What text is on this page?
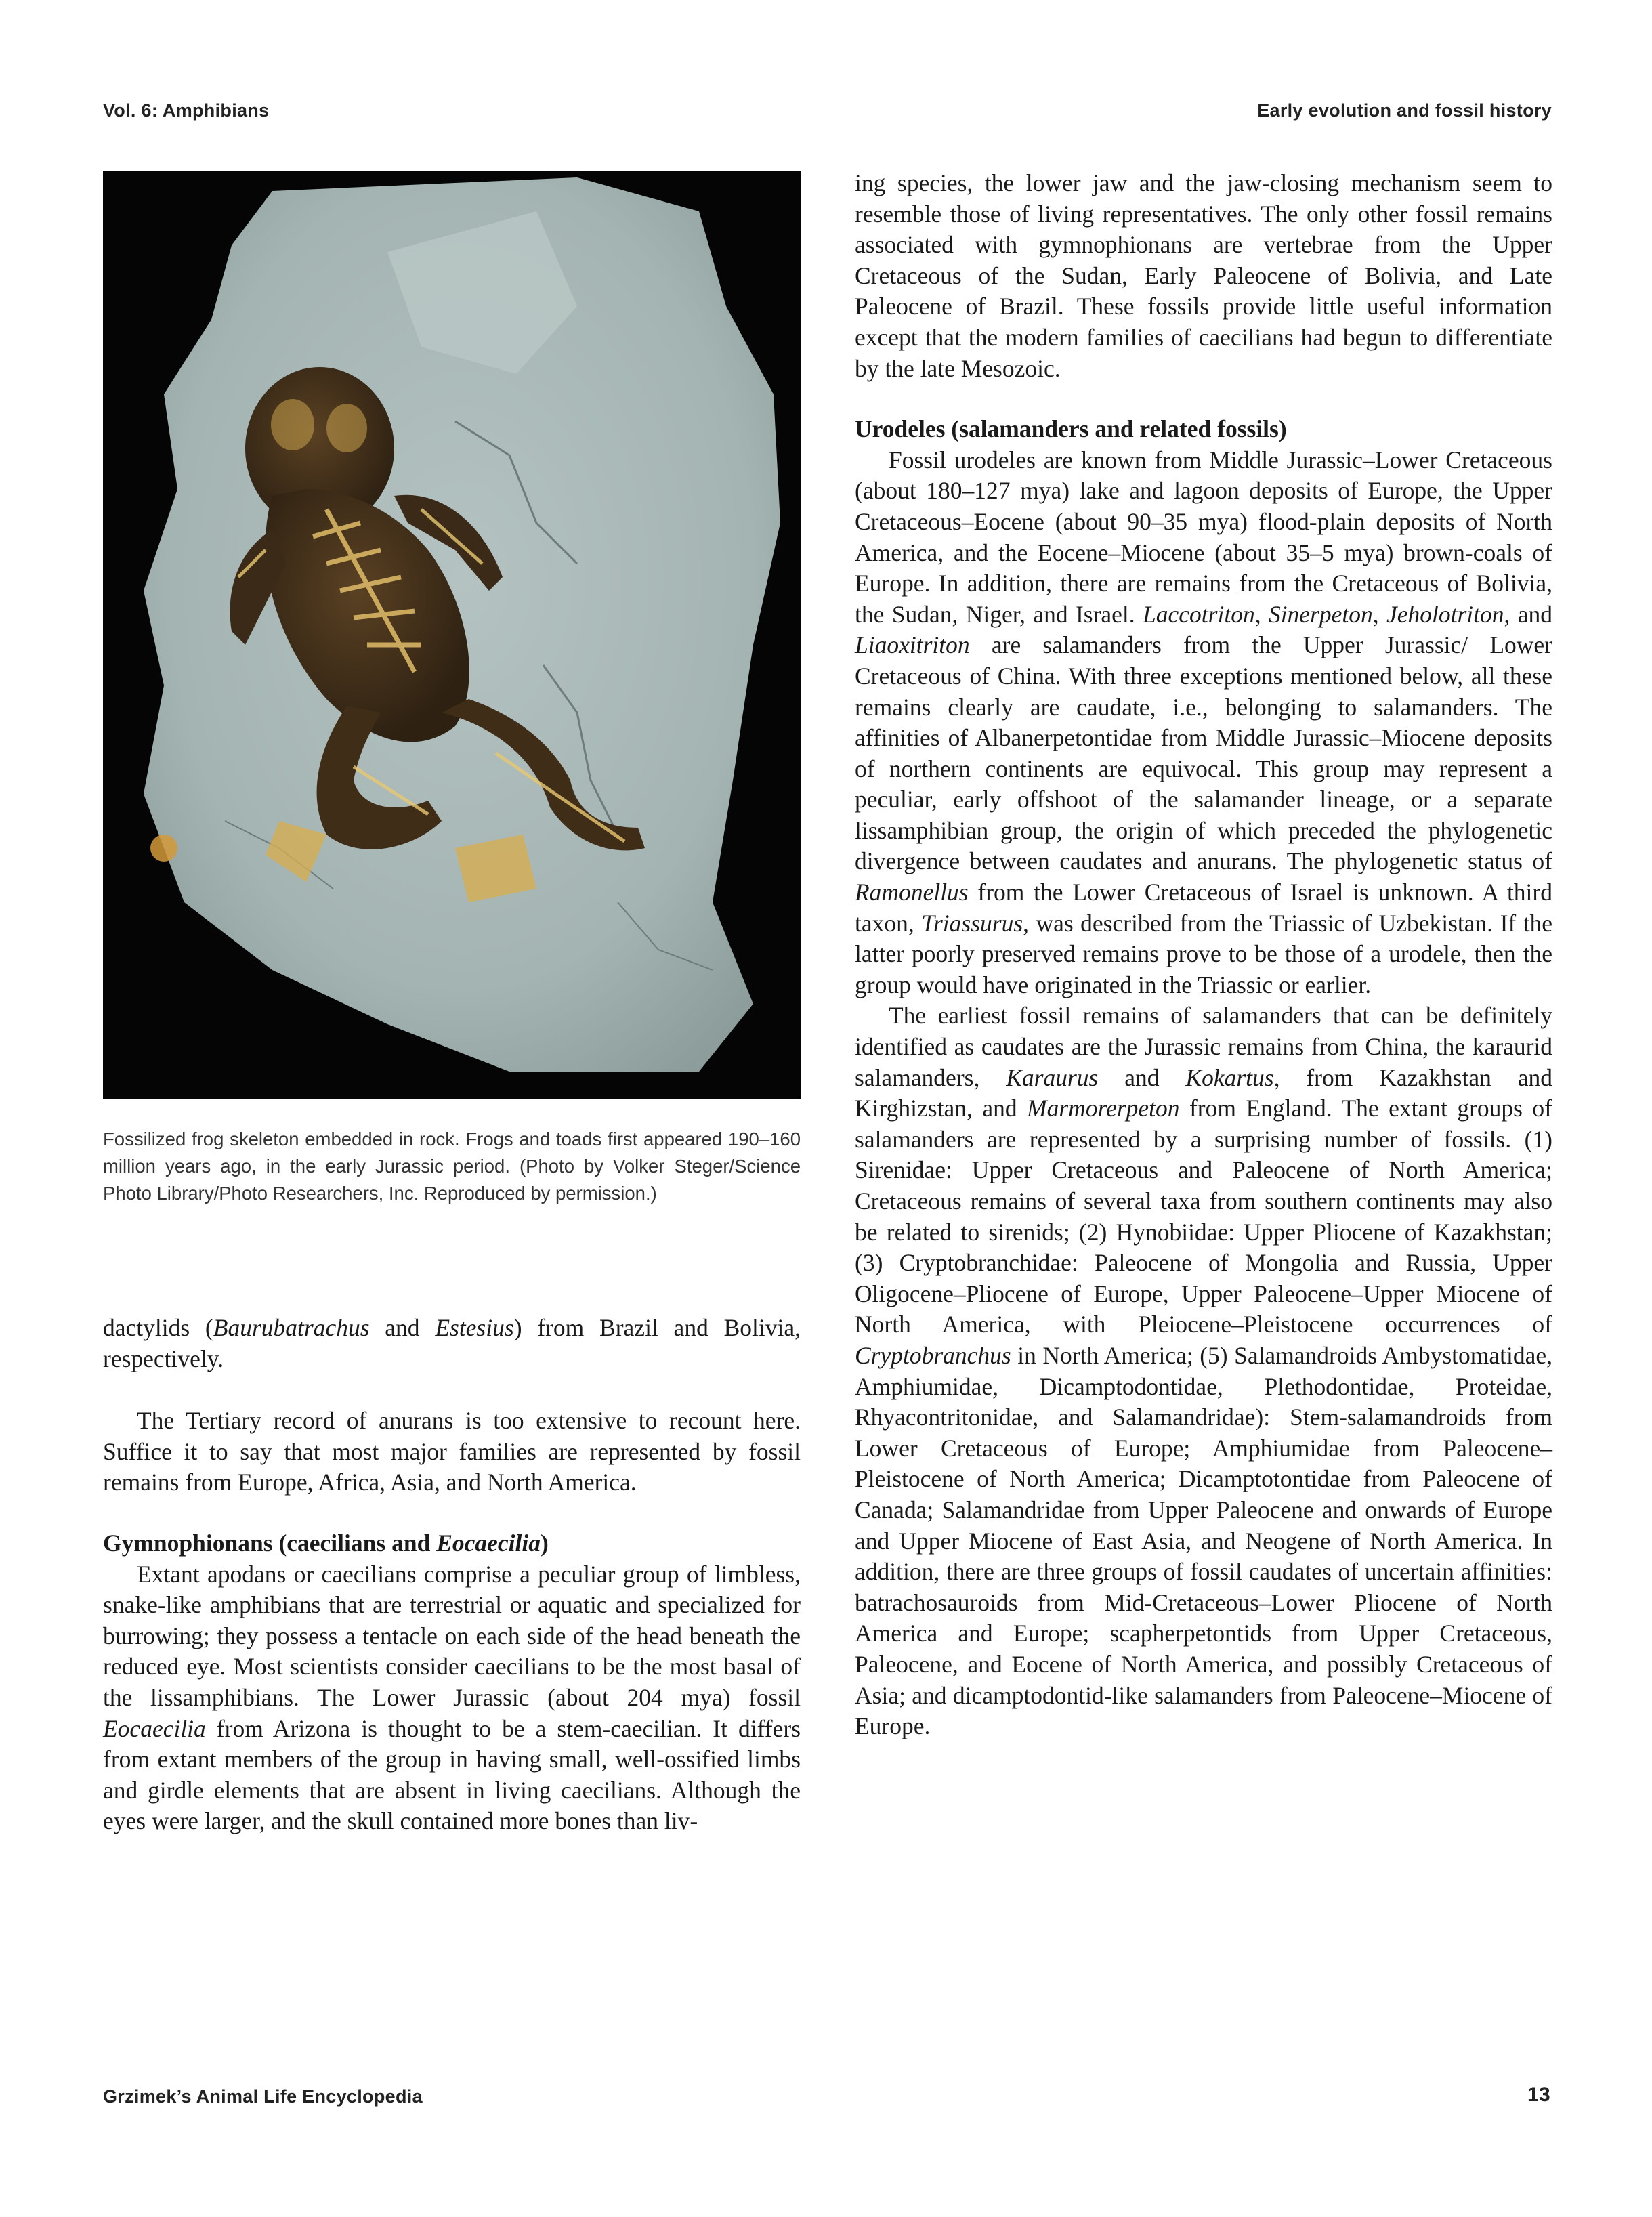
Vol. 6: Amphibians	Early evolution and fossil history
Fossilized frog skeleton embedded in rock. Frogs and toads first appeared 190–160 million years ago, in the early Jurassic period. (Photo by Volker Steger/Science Photo Library/Photo Researchers, Inc. Reproduced by permission.)

dactylids (Baurubatrachus and Estesius) from Brazil and Bolivia, respectively.

The Tertiary record of anurans is too extensive to recount here. Suffice it to say that most major families are represented by fossil remains from Europe, Africa, Asia, and North America.

Gymnophionans (caecilians and Eocaecilia)

Extant apodans or caecilians comprise a peculiar group of limbless, snake-like amphibians that are terrestrial or aquatic and specialized for burrowing; they possess a tentacle on each side of the head beneath the reduced eye. Most scientists consider caecilians to be the most basal of the lissamphibians. The Lower Jurassic (about 204 mya) fossil Eocaecilia from Arizona is thought to be a stem-caecilian. It differs from extant members of the group in having small, well-ossified limbs and girdle elements that are absent in living caecilians. Although the eyes were larger, and the skull contained more bones than liv-

ing species, the lower jaw and the jaw-closing mechanism seem to resemble those of living representatives. The only other fossil remains associated with gymnophionans are vertebrae from the Upper Cretaceous of the Sudan, Early Paleocene of Bolivia, and Late Paleocene of Brazil. These fossils provide little useful information except that the modern families of caecilians had begun to differentiate by the late Mesozoic.

Urodeles (salamanders and related fossils)

Fossil urodeles are known from Middle Jurassic–Lower Cretaceous (about 180–127 mya) lake and lagoon deposits of Europe, the Upper Cretaceous–Eocene (about 90–35 mya) flood-plain deposits of North America, and the Eocene–Miocene (about 35–5 mya) brown-coals of Europe. In addition, there are remains from the Cretaceous of Bolivia, the Sudan, Niger, and Israel. Laccotriton, Sinerpeton, Jeholotriton, and Liaoxitriton are salamanders from the Upper Jurassic/ Lower Cretaceous of China. With three exceptions mentioned below, all these remains clearly are caudate, i.e., belonging to salamanders. The affinities of Albanerpetontidae from Middle Jurassic–Miocene deposits of northern continents are equivocal. This group may represent a peculiar, early offshoot of the salamander lineage, or a separate lissamphibian group, the origin of which preceded the phylogenetic divergence between caudates and anurans. The phylogenetic status of Ramonellus from the Lower Cretaceous of Israel is unknown. A third taxon, Triassurus, was described from the Triassic of Uzbekistan. If the latter poorly preserved remains prove to be those of a urodele, then the group would have originated in the Triassic or earlier.

The earliest fossil remains of salamanders that can be definitely identified as caudates are the Jurassic remains from China, the karaurid salamanders, Karaurus and Kokartus, from Kazakhstan and Kirghizstan, and Marmorerpeton from England. The extant groups of salamanders are represented by a surprising number of fossils. (1) Sirenidae: Upper Cretaceous and Paleocene of North America; Cretaceous remains of several taxa from southern continents may also be related to sirenids; (2) Hynobiidae: Upper Pliocene of Kazakhstan; (3) Cryptobranchidae: Paleocene of Mongolia and Russia, Upper Oligocene–Pliocene of Europe, Upper Paleocene–Upper Miocene of North America, with Pleiocene–Pleistocene occurrences of Cryptobranchus in North America; (5) Salamandroids Ambystomatidae, Amphiumidae, Dicamptodontidae, Plethodontidae, Proteidae, Rhyacontritonidae, and Salamandridae): Stem-salamandroids from Lower Cretaceous of Europe; Amphiumidae from Paleocene–Pleistocene of North America; Dicamptotontidae from Paleocene of Canada; Salamandridae from Upper Paleocene and onwards of Europe and Upper Miocene of East Asia, and Neogene of North America. In addition, there are three groups of fossil caudates of uncertain affinities: batrachosauroids from Mid-Cretaceous–Lower Pliocene of North America and Europe; scapherpetontids from Upper Cretaceous, Paleocene, and Eocene of North America, and possibly Cretaceous of Asia; and dicamptodontid-like salamanders from Paleocene–Miocene of Europe.

Grzimek’s Animal Life Encyclopedia	13
